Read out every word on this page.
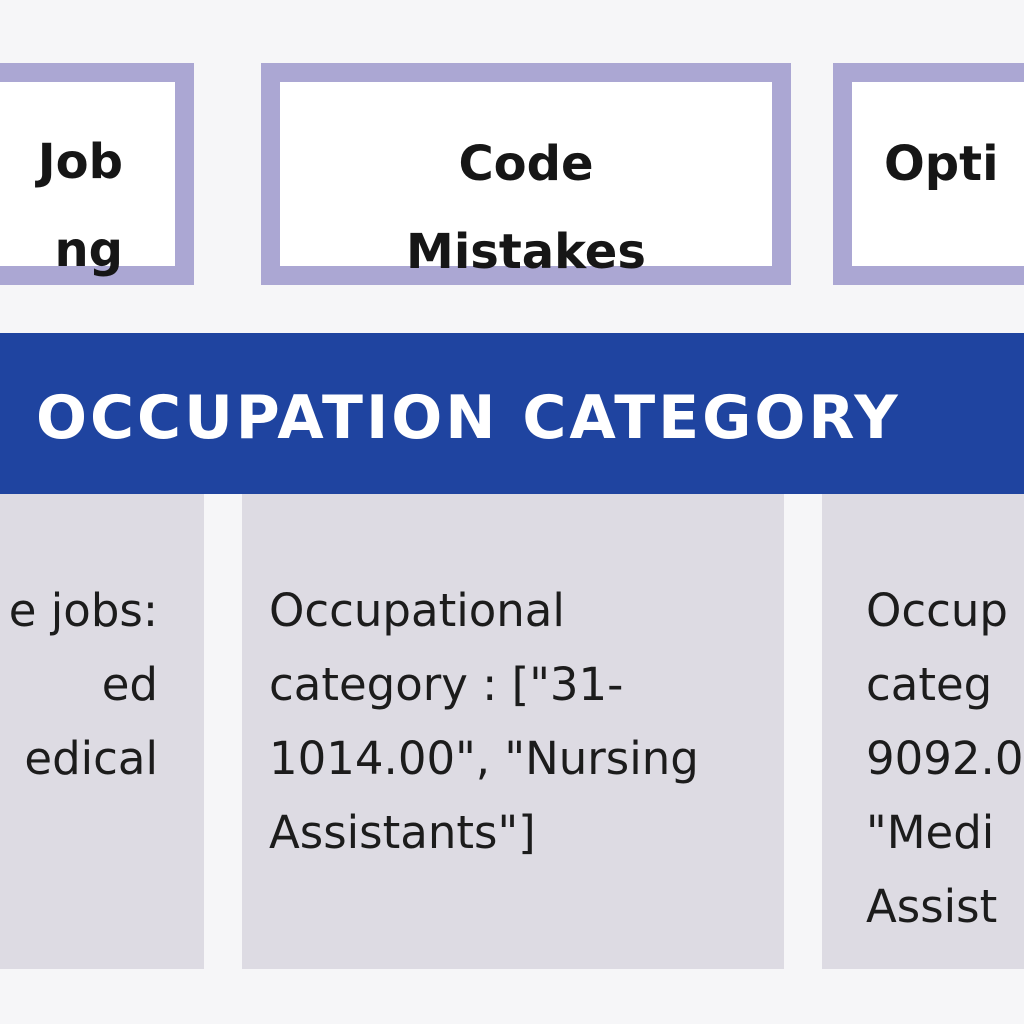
Job
ng
Code
Mistakes
Opti
OCCUPATION CATEGORY
e jobs:
ed
edical
Occupational
category : ["31-
1014.00", "Nursing
Assistants"]
Occup
categ
9092.0
"Medi
Assist
